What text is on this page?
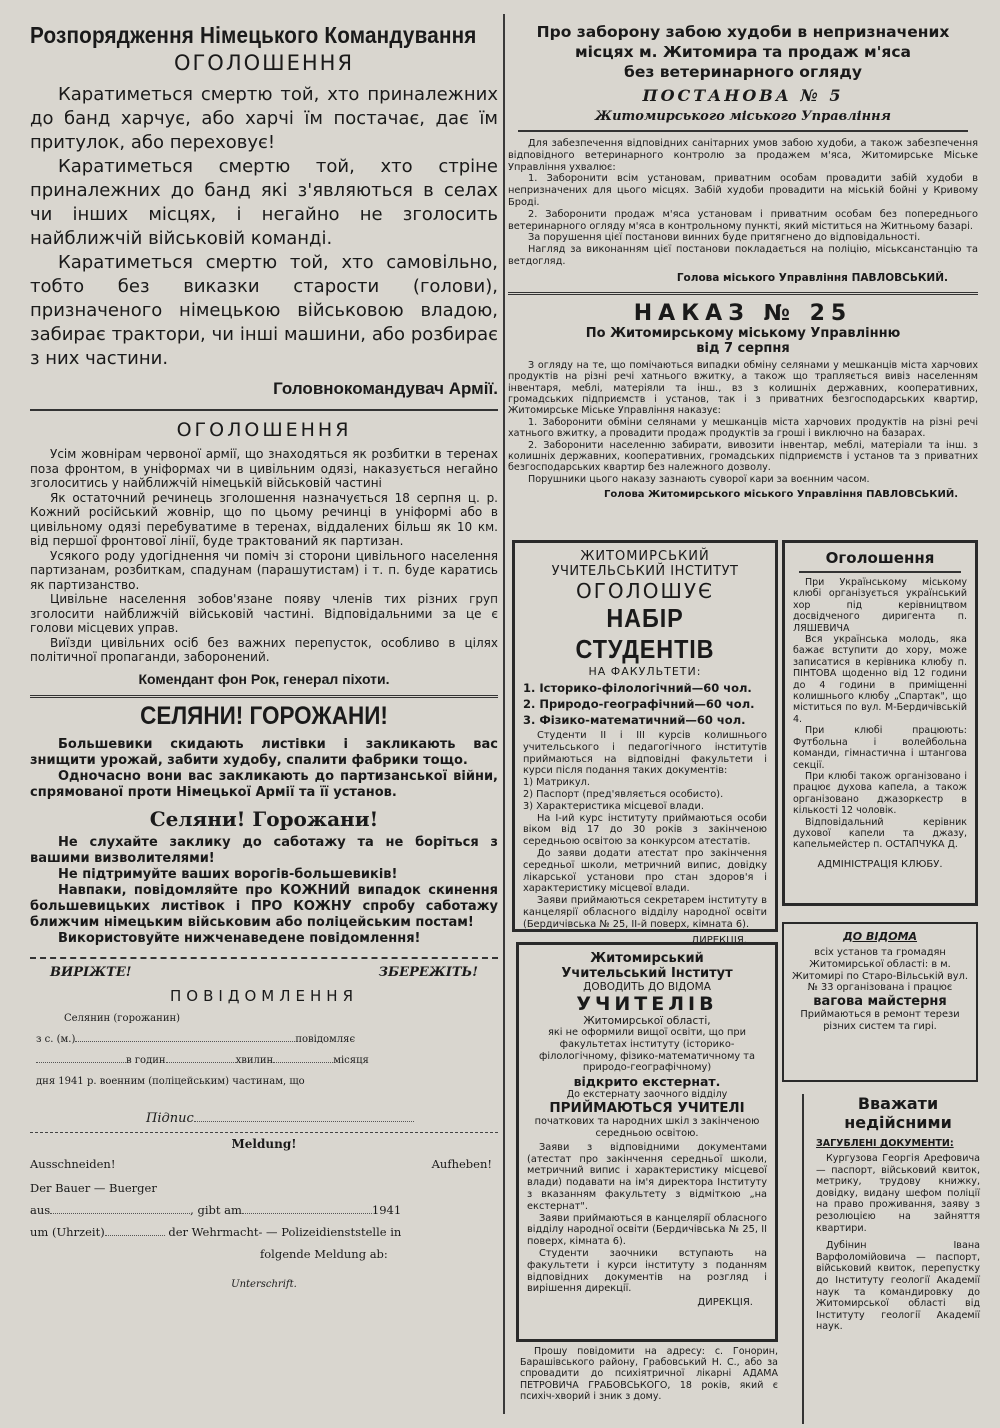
Розпорядження Німецького Командування
ОГОЛОШЕННЯ

Каратиметься смертю той, хто приналежних до банд харчує, або харчі їм постачає, дає їм притулок, або переховує!

Каратиметься смертю той, хто стріне приналежних до банд які з'являються в селах чи інших місцях, і негайно не зголосить найближчій військовій команді.

Каратиметься смертю той, хто самовільно, тобто без виказки старости (голови), призначеного німецькою військовою владою, забирає трактори, чи інші машини, або розбирає з них частини.

Головнокомандувач Армії.
ОГОЛОШЕННЯ

Усім жовнірам червоної армії, що знаходяться як розбитки в теренах поза фронтом, в уніформах чи в цивільним одязі, наказується негайно зголоситись у найближчій німецькій військовій частині

Як остаточний речинець зголошення назначується 18 серпня ц. р. Кожний російський жовнір, що по цьому речинці в уніформі або в цивільному одязі перебуватиме в теренах, віддалених більш як 10 км. від першої фронтової лінії, буде трактований як партизан.

Усякого роду удогіднення чи поміч зі сторони цивільного населення партизанам, розбиткам, спадунам (парашутистам) і т. п. буде каратись як партизанство.

Цивільне населення зобов'язане появу членів тих різних груп зголосити найближчій військовій частині. Відповідальними за це є голови місцевих управ.

Виїзди цивільних осіб без важних перепусток, особливо в цілях політичної пропаганди, заборонений.

Комендант фон Рок, генерал піхоти.
СЕЛЯНИ! ГОРОЖАНИ!

Большевики скидають листівки і закликають вас знищити урожай, забити худобу, спалити фабрики тощо.

Одночасно вони вас закликають до партизанської війни, спрямованої проти Німецької Армії та її установ.

Селяни! Горожани!

Не слухайте заклику до саботажу та не боріться з вашими визволителями!

Не підтримуйте ваших ворогів-большевиків!

Навпаки, повідомляйте про КОЖНИЙ випадок скинення большевицьких листівок і ПРО КОЖНУ спробу саботажу ближчим німецьким військовим або поліцейським постам!

Використовуйте нижченаведене повідомлення!

ВИРІЖТЕ!	ЗБЕРЕЖІТЬ!
ПОВІДОМЛЕННЯ

Селянин (горожанин)

з с. (м.)	повідомляє

в годин	хвилин	місяця

дня 1941 р. военним (поліцейським) частинам, що

Підпис

Meldung!
Ausschneiden!	Aufheben!

Der Bauer — Buerger

aus	, gibt am	1941

um (Uhrzeit)	der Wehrmacht- — Polizeidienststelle in

folgende Meldung ab:

Unterschrift.

Про заборону забою худоби в непризначених
місцях м. Житомира та продаж м'яса
без ветеринарного огляду
ПОСТАНОВА № 5
Житомирського міського Управління

Для забезпечення відповідних санітарних умов забою худоби, а також забезпечення відповідного ветеринарного контролю за продажем м'яса, Житомирське Міське Управління ухвалює:

1. Заборонити всім установам, приватним особам провадити забій худоби в непризначених для цього місцях. Забій худоби провадити на міській бойні у Кривому Броді.

2. Заборонити продаж м'яса установам і приватним особам без попереднього ветеринарного огляду м'яса в контрольному пункті, який міститься на Житньому базарі.

За порушення цієї постанови винних буде притягнено до відповідальності.

Нагляд за виконанням цієї постанови покладається на поліцію, міськсанстанцію та ветдогляд.

Голова міського Управління ПАВЛОВСЬКИЙ.
НАКАЗ № 25
По Житомирському міському Управлінню
від 7 серпня

З огляду на те, що помічаються випадки обміну селянами у мешканців міста харчових продуктів на різні речі хатнього вжитку, а також що трапляється вивіз населенням інвентаря, меблі, матеріяли та інш., вз з колишніх державних, кооперативних, громадських підприємств і установ, так і з приватних безгосподарських квартир, Житомирське Міське Управління наказує:

1. Заборонити обміни селянами у мешканців міста харчових продуктів на різні речі хатнього вжитку, а провадити продаж продуктів за гроші і виключно на базарах.

2. Заборонити населенню забирати, вивозити інвентар, меблі, матеріали та інш. з колишніх державних, кооперативних, громадських підприємств і установ та з приватних безгосподарських квартир без належного дозволу.

Порушники цього наказу зазнають суворої кари за воєнним часом.

Голова Житомирського міського Управління ПАВЛОВСЬКИЙ.
ЖИТОМИРСЬКИЙ
УЧИТЕЛЬСЬКИЙ ІНСТИТУТ
ОГОЛОШУЄ
НАБІР СТУДЕНТІВ
НА ФАКУЛЬТЕТИ:
1. Історико-філологічний—60 чол.
2. Природо-географічний—60 чол.
3. Фізико-математичний—60 чол.

Студенти II і III курсів колишнього учительського і педагогічного інститутів приймаються на відповідні факультети і курси після подання таких документів:

1) Матрикул.

2) Паспорт (пред'являється особисто).

3) Характеристика місцевої влади.

На І-ий курс інституту приймаються особи віком від 17 до 30 років з закінченою середньою освітою за конкурсом атестатів.

До заяви додати атестат про закінчення середньої школи, метричний випис, довідку лікарської установи про стан здоров'я і характеристику місцевої влади.

Заяви приймаються секретарем інституту в канцелярії обласного відділу народної освіти (Бердичівська № 25, II-й поверх, кімната 6).

ДИРЕКЦІЯ.
Оголошення

При Українському міському клюбі організується український хор під керівництвом досвідченого диригента п. ЛЯШЕВИЧА

Вся українська молодь, яка бажає вступити до хору, може записатися в керівника клюбу п. ПІНТОВА щоденно від 12 години до 4 години в приміщенні колишнього клюбу „Спартак", що міститься по вул. М-Бердичівській 4.

При клюбі працюють: Футбольна і волейбольна команди, гімнастична і штангова секції.

При клюбі також організовано і працює духова капела, а також організовано джазоркестр в кількості 12 чоловік.

Відповідальний керівник духової капели та джазу, капельмейстер п. ОСТАПЧУКА Д.

АДМІНІСТРАЦІЯ КЛЮБУ.
Житомирський
Учительський Інститут
ДОВОДИТЬ ДО ВІДОМА
УЧИТЕЛІВ
Житомирської області,
які не оформили вищої освіти, що при факультетах інституту (історико-філологічному, фізико-математичному та природо-географічному)
відкрито екстернат.
До екстернату заочного відділу
ПРИЙМАЮТЬСЯ УЧИТЕЛІ
початкових та народних шкіл з закінченою середньою освітою.

Заяви з відповідними документами (атестат про закінчення середньої школи, метричний випис і характеристику місцевої влади) подавати на ім'я директора Інституту з вказанням факультету з відміткою „на екстернат".

Заяви приймаються в канцелярії обласного відділу народної освіти (Бердичівська № 25, II поверх, кімната 6).

Студенти заочники вступають на факультети і курси інституту з поданням відповідних документів на розгляд і вирішення дирекції.

ДИРЕКЦІЯ.

Прошу повідомити на адресу: с. Гонорин, Барашівського району, Грабовський Н. С., або за спровадити до психіятричної лікарні АДАМА ПЕТРОВИЧА ГРАБОВСЬКОГО, 18 років, який є психіч-хворий і зник з дому.

ДО ВІДОМА
всіх установ та громадян Житомирської області: в м. Житомирі по Старо-Вільській вул. № 33 організована і працює
вагова майстерня
Приймаються в ремонт терези різних систем та гирі.
Вважати
недійсними
ЗАГУБЛЕНІ ДОКУМЕНТИ:

Кургузова Георгія Арефовича — паспорт, військовий квиток, метрику, трудову книжку, довідку, видану шефом поліції на право проживання, заяву з резолюцією на зайняття квартири.

Дубінин Івана Варфоломійовича — паспорт, військовий квиток, перепустку до Інституту геології Академії наук та командировку до Житомирської області від Інституту геології Академії наук.
